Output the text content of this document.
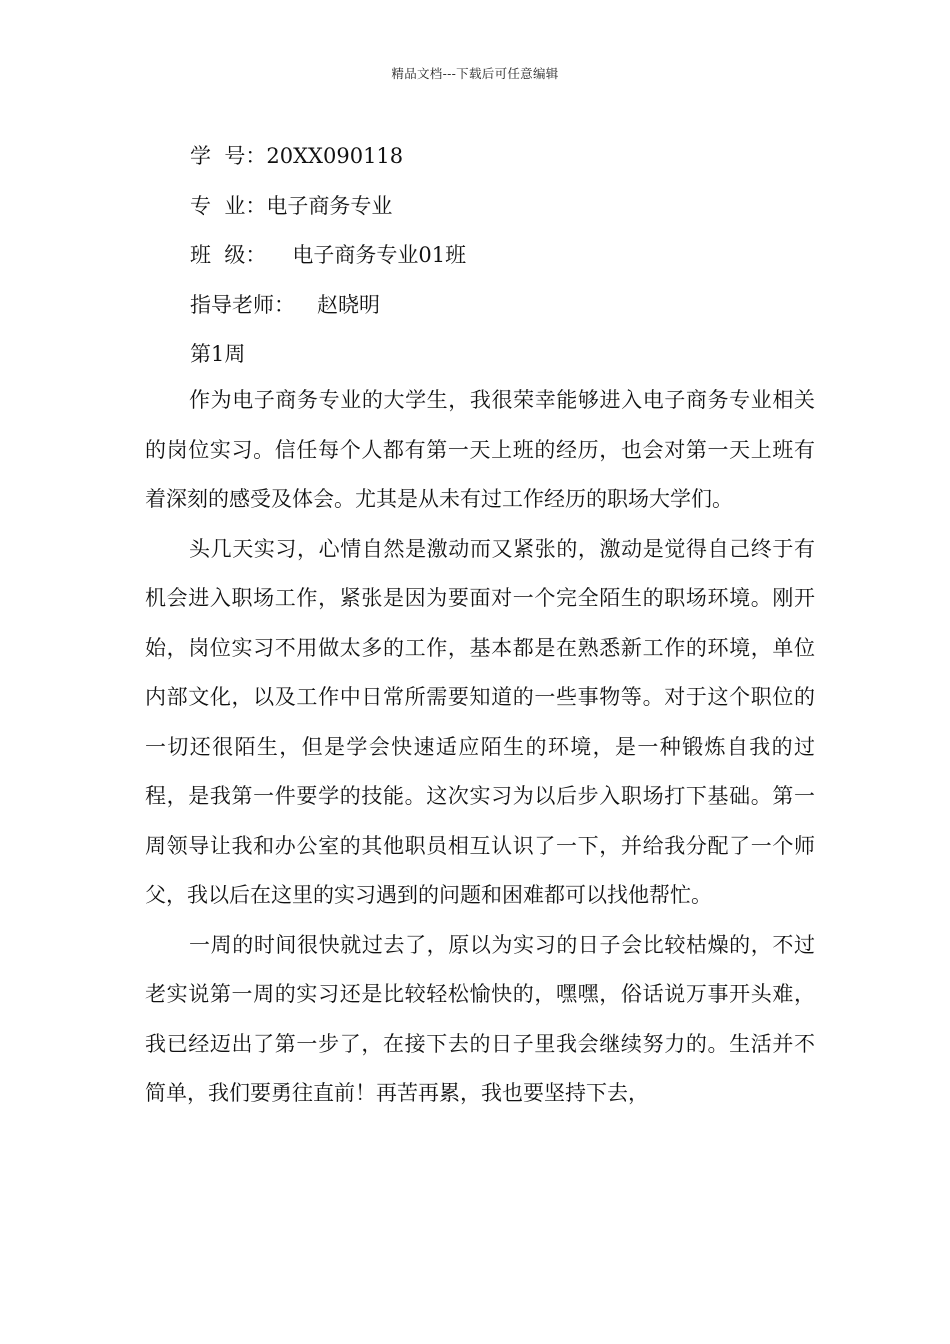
精品文档---下载后可任意编辑
学  号：20XX090118
专  业：电子商务专业
班  级： 电子商务专业01班
指导老师： 赵晓明
第1周

作为电子商务专业的大学生，我很荣幸能够进入电子商务专业相关的岗位实习。信任每个人都有第一天上班的经历，也会对第一天上班有着深刻的感受及体会。尤其是从未有过工作经历的职场大学们。

头几天实习，心情自然是激动而又紧张的，激动是觉得自己终于有机会进入职场工作，紧张是因为要面对一个完全陌生的职场环境。刚开始，岗位实习不用做太多的工作，基本都是在熟悉新工作的环境，单位内部文化，以及工作中日常所需要知道的一些事物等。对于这个职位的一切还很陌生，但是学会快速适应陌生的环境，是一种锻炼自我的过程，是我第一件要学的技能。这次实习为以后步入职场打下基础。第一周领导让我和办公室的其他职员相互认识了一下，并给我分配了一个师父，我以后在这里的实习遇到的问题和困难都可以找他帮忙。

一周的时间很快就过去了，原以为实习的日子会比较枯燥的，不过老实说第一周的实习还是比较轻松愉快的，嘿嘿，俗话说万事开头难，我已经迈出了第一步了，在接下去的日子里我会继续努力的。生活并不简单，我们要勇往直前！再苦再累，我也要坚持下去，
